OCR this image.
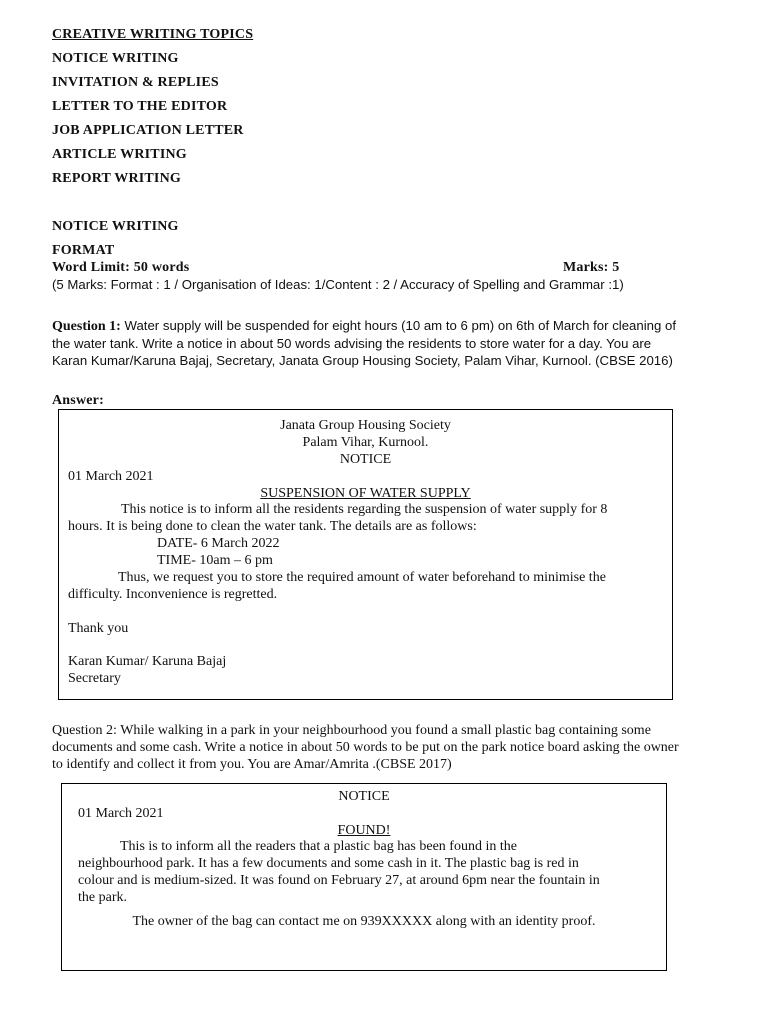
CREATIVE WRITING TOPICS
NOTICE WRITING
INVITATION & REPLIES
LETTER TO THE EDITOR
JOB APPLICATION LETTER
ARTICLE WRITING
REPORT WRITING
NOTICE WRITING
FORMAT
Word Limit: 50 words	Marks: 5
(5 Marks: Format : 1 / Organisation of Ideas: 1/Content : 2 / Accuracy of Spelling and Grammar :1)
Question 1: Water supply will be suspended for eight hours (10 am to 6 pm) on 6th of March for cleaning of the water tank. Write a notice in about 50 words advising the residents to store water for a day. You are Karan Kumar/Karuna Bajaj, Secretary, Janata Group Housing Society, Palam Vihar, Kurnool. (CBSE 2016)
Answer:
Janata Group Housing Society
Palam Vihar, Kurnool.
NOTICE
01 March 2021
SUSPENSION OF WATER SUPPLY
This notice is to inform all the residents regarding the suspension of water supply for 8
hours. It is being done to clean the water tank. The details are as follows:
DATE- 6 March 2022
TIME- 10am – 6 pm
Thus, we request you to store the required amount of water beforehand to minimise the
difficulty. Inconvenience is regretted.
Thank you
Karan Kumar/ Karuna Bajaj
Secretary
Question 2: While walking in a park in your neighbourhood you found a small plastic bag containing some documents and some cash. Write a notice in about 50 words to be put on the park notice board asking the owner to identify and collect it from you. You are Amar/Amrita .(CBSE 2017)
NOTICE
01 March 2021
FOUND!
This is to inform all the readers that a plastic bag has been found in the
neighbourhood park. It has a few documents and some cash in it. The plastic bag is red in
colour and is medium-sized. It was found on February 27, at around 6pm near the fountain in
the park.
The owner of the bag can contact me on 939XXXXX along with an identity proof.
